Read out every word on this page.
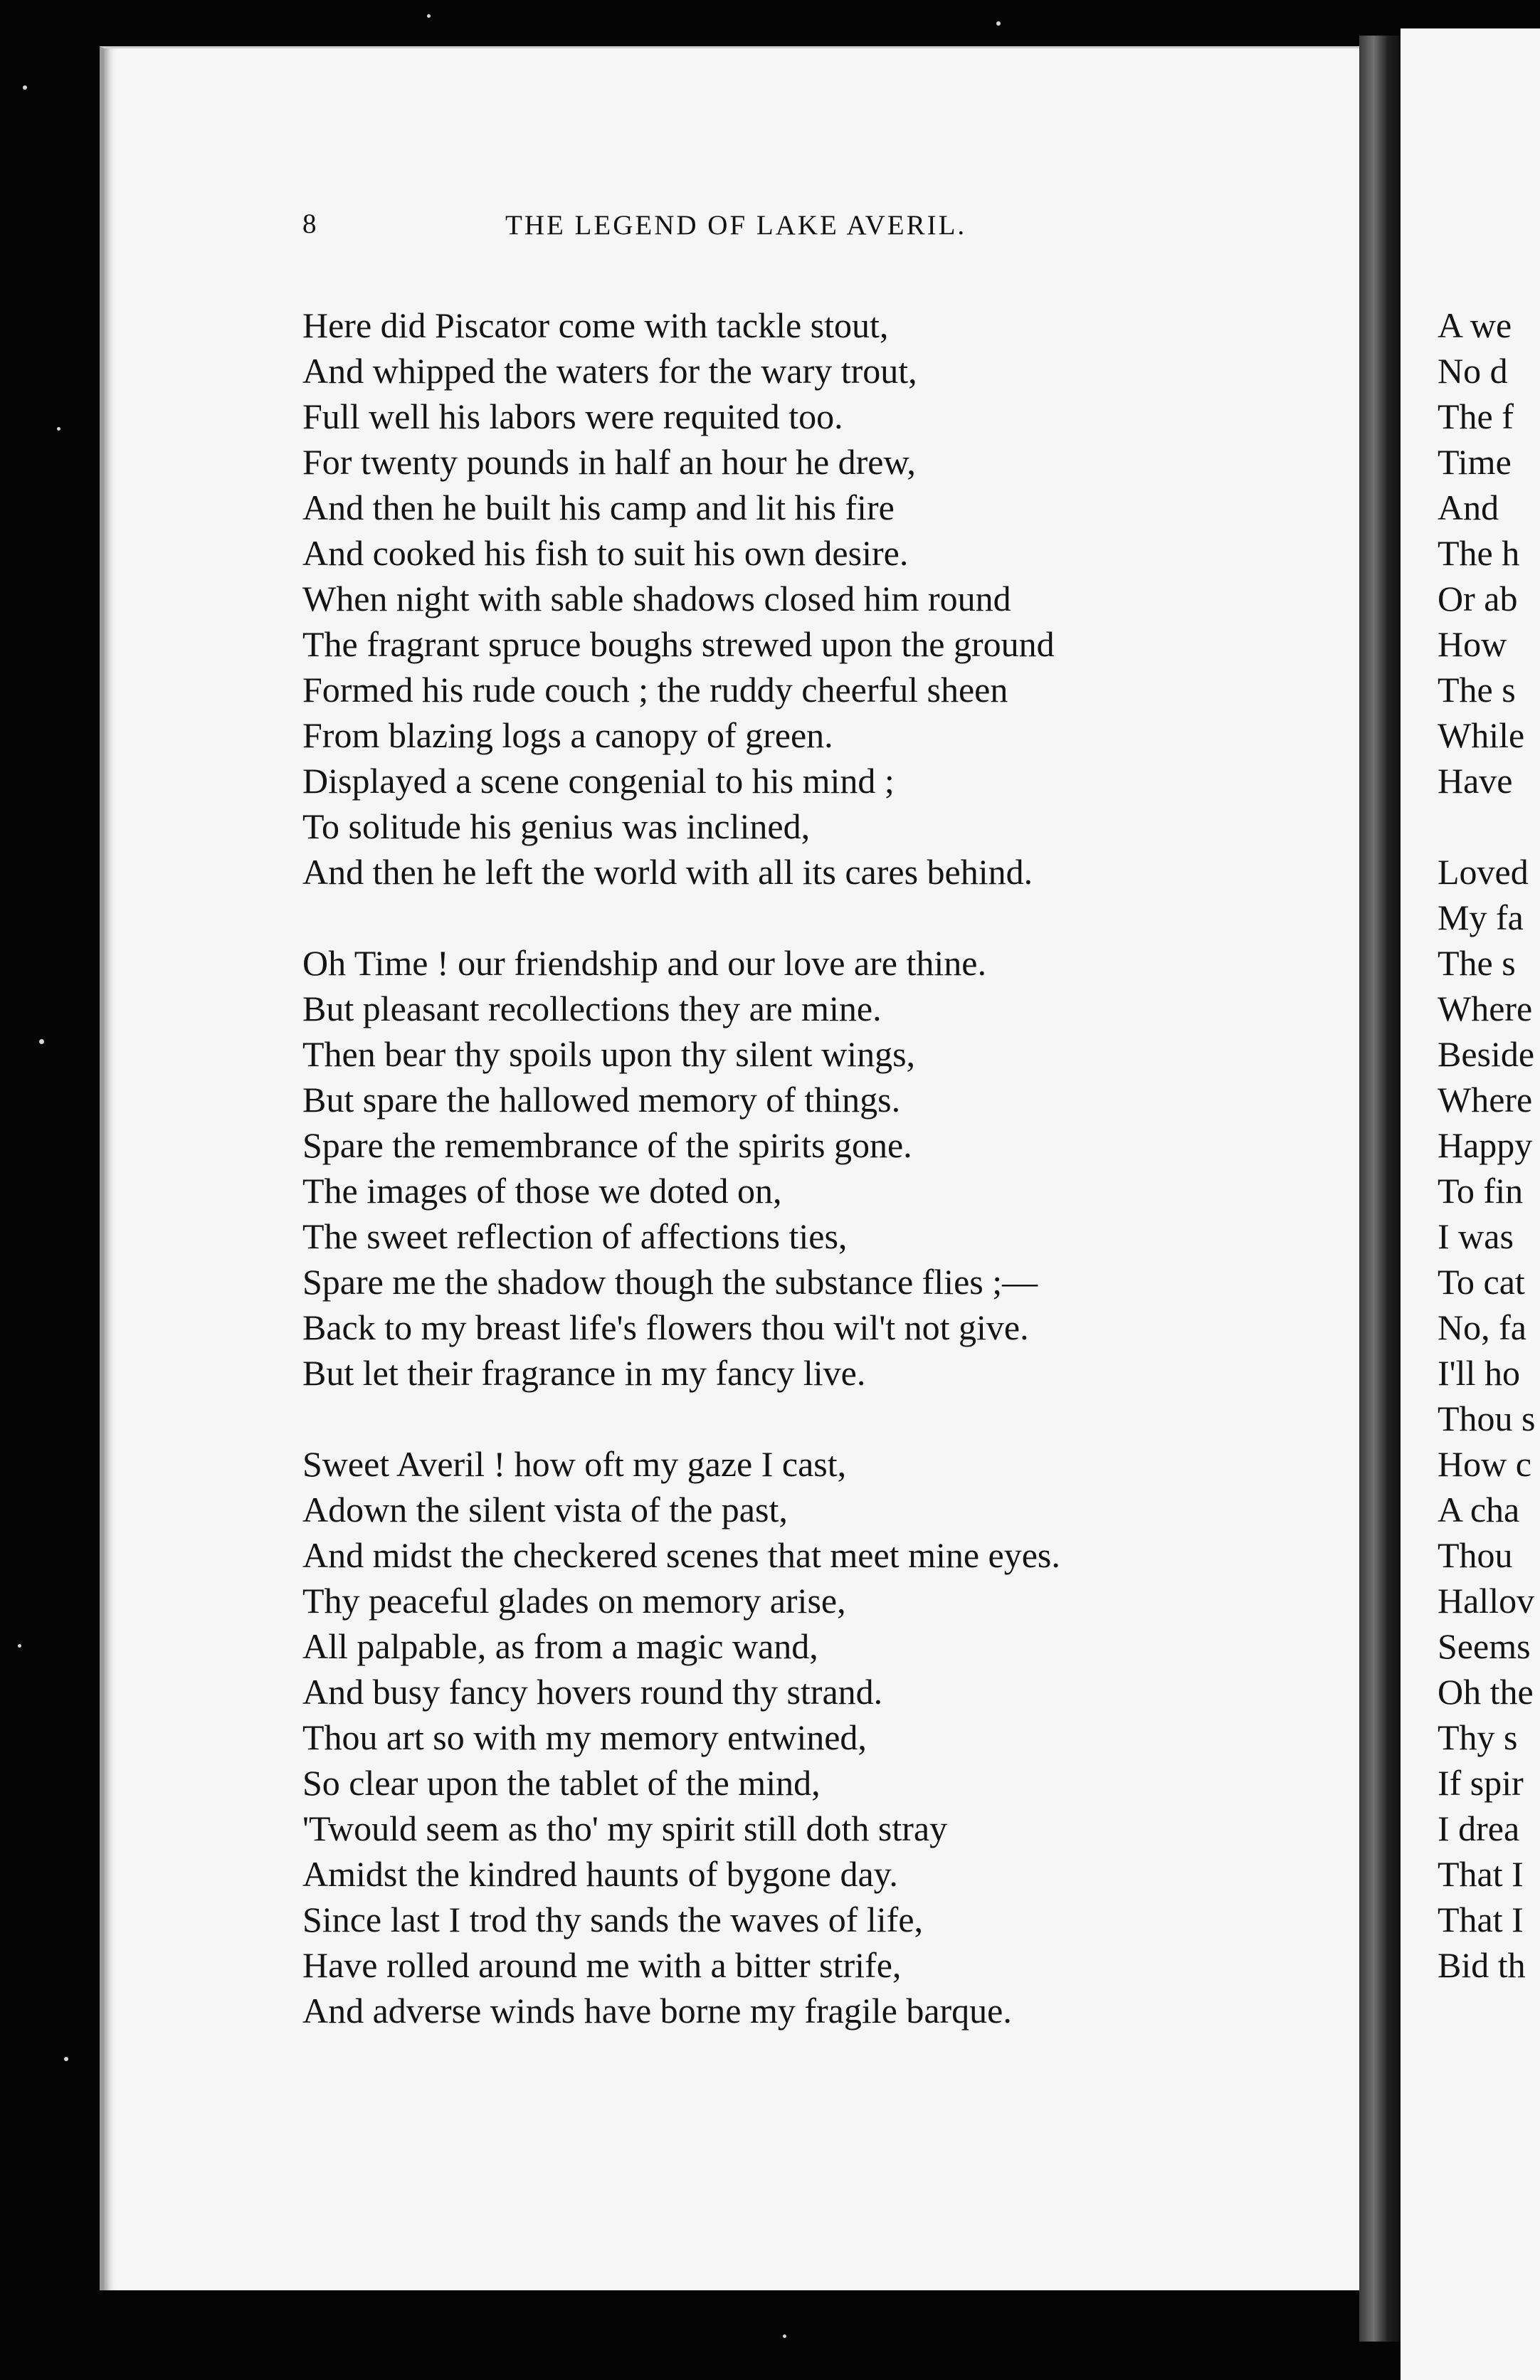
8	THE LEGEND OF LAKE AVERIL.
Here did Piscator come with tackle stout,
And whipped the waters for the wary trout,
Full well his labors were requited too.
For twenty pounds in half an hour he drew,
And then he built his camp and lit his fire
And cooked his fish to suit his own desire.
When night with sable shadows closed him round
The fragrant spruce boughs strewed upon the ground
Formed his rude couch ; the ruddy cheerful sheen
From blazing logs a canopy of green.
Displayed a scene congenial to his mind ;
To solitude his genius was inclined,
And then he left the world with all its cares behind.
Oh Time ! our friendship and our love are thine.
But pleasant recollections they are mine.
Then bear thy spoils upon thy silent wings,
But spare the hallowed memory of things.
Spare the remembrance of the spirits gone.
The images of those we doted on,
The sweet reflection of affections ties,
Spare me the shadow though the substance flies ;—
Back to my breast life's flowers thou wil't not give.
But let their fragrance in my fancy live.
Sweet Averil ! how oft my gaze I cast,
Adown the silent vista of the past,
And midst the checkered scenes that meet mine eyes.
Thy peaceful glades on memory arise,
All palpable, as from a magic wand,
And busy fancy hovers round thy strand.
Thou art so with my memory entwined,
So clear upon the tablet of the mind,
'Twould seem as tho' my spirit still doth stray
Amidst the kindred haunts of bygone day.
Since last I trod thy sands the waves of life,
Have rolled around me with a bitter strife,
And adverse winds have borne my fragile barque.
A we
No d
The f
Time
And
The h
Or ab
How
The s
While
Have
Loved
My fa
The s
Where
Beside
Where
Happy
To fin
I was
To cat
No, fa
I'll ho
Thou s
How c
A cha
Thou
Hallov
Seems
Oh the
Thy s
If spir
I drea
That I
That I
Bid th
